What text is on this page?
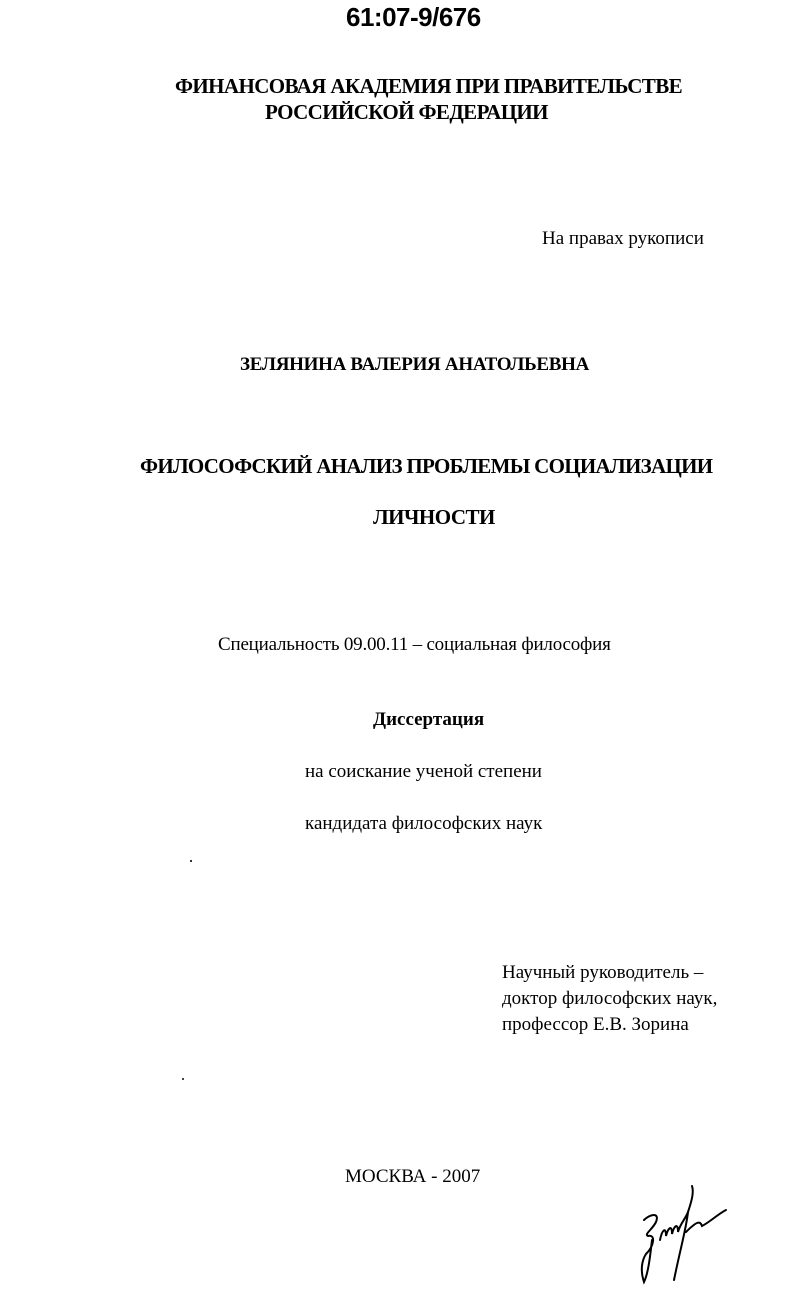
61:07-9/676
ФИНАНСОВАЯ АКАДЕМИЯ ПРИ ПРАВИТЕЛЬСТВЕ
РОССИЙСКОЙ ФЕДЕРАЦИИ
На правах рукописи
ЗЕЛЯНИНА ВАЛЕРИЯ АНАТОЛЬЕВНА
ФИЛОСОФСКИЙ АНАЛИЗ ПРОБЛЕМЫ СОЦИАЛИЗАЦИИ
ЛИЧНОСТИ
Специальность 09.00.11 – социальная философия
Диссертация
на соискание ученой степени
кандидата философских наук
Научный руководитель –
доктор философских наук,
профессор Е.В. Зорина
МОСКВА - 2007
